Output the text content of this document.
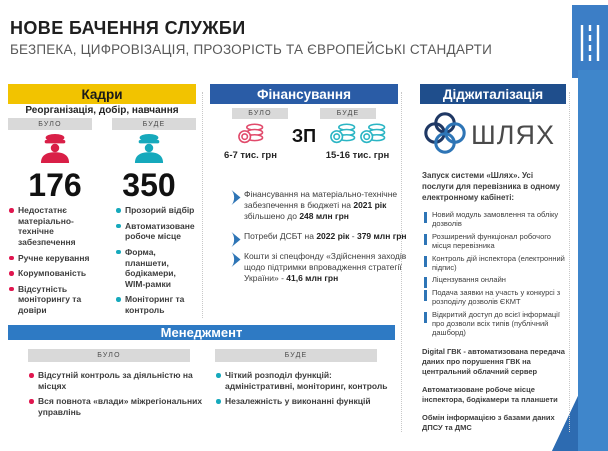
НОВЕ БАЧЕННЯ СЛУЖБИ
БЕЗПЕКА, ЦИФРОВІЗАЦІЯ, ПРОЗОРІСТЬ ТА ЄВРОПЕЙСЬКІ СТАНДАРТИ
Кадри
Реорганізація, добір, навчання
БУЛО	БУДЕ
176	350
Недостатнє матеріально-технічне забезпечення
Ручне керування
Корумпованість
Відсутність моніторингу та довіри
Прозорий відбір
Автоматизоване робоче місце
Форма, планшети, бодікамери, WIM-рамки
Моніторинг та контроль
Фінансування
БУЛО	БУДЕ
ЗП
6-7 тис. грн	15-16 тис. грн
Фінансування на матеріально-технічне забезпечення в бюджеті на 2021 рік збільшено до 248 млн грн
Потреби ДСБТ на 2022 рік - 379 млн грн
Кошти зі спецфонду «Здійснення заходів щодо підтримки впровадження стратегії України» - 41,6 млн грн
Менеджмент
БУЛО	БУДЕ
Відсутній контроль за діяльністю на місцях
Вся повнота «влади» міжрегіональних управлінь
Чіткий розподіл функцій: адміністративні, моніторинг, контроль
Незалежність у виконанні функцій
Діджиталізація
ШЛЯХ
Запуск системи «Шлях». Усі послуги для перевізника в одному електронному кабінеті:
Новий модуль замовлення та обліку дозволів
Розширений функціонал робочого місця перевізника
Контроль дій інспектора (електронний підпис)
Ліцензування онлайн
Подача заявки на участь у конкурсі з розподілу дозволів ЄКМТ
Відкритий доступ до всієї інформації про дозволи всіх типів (публічний дашборд)
Digital ГВК - автоматизована передача даних про порушення ГВК на центральний облачний сервер
Автоматизоване робоче місце інспектора, бодікамери та планшети
Обмін інформацією з базами даних ДПСУ та ДМС
